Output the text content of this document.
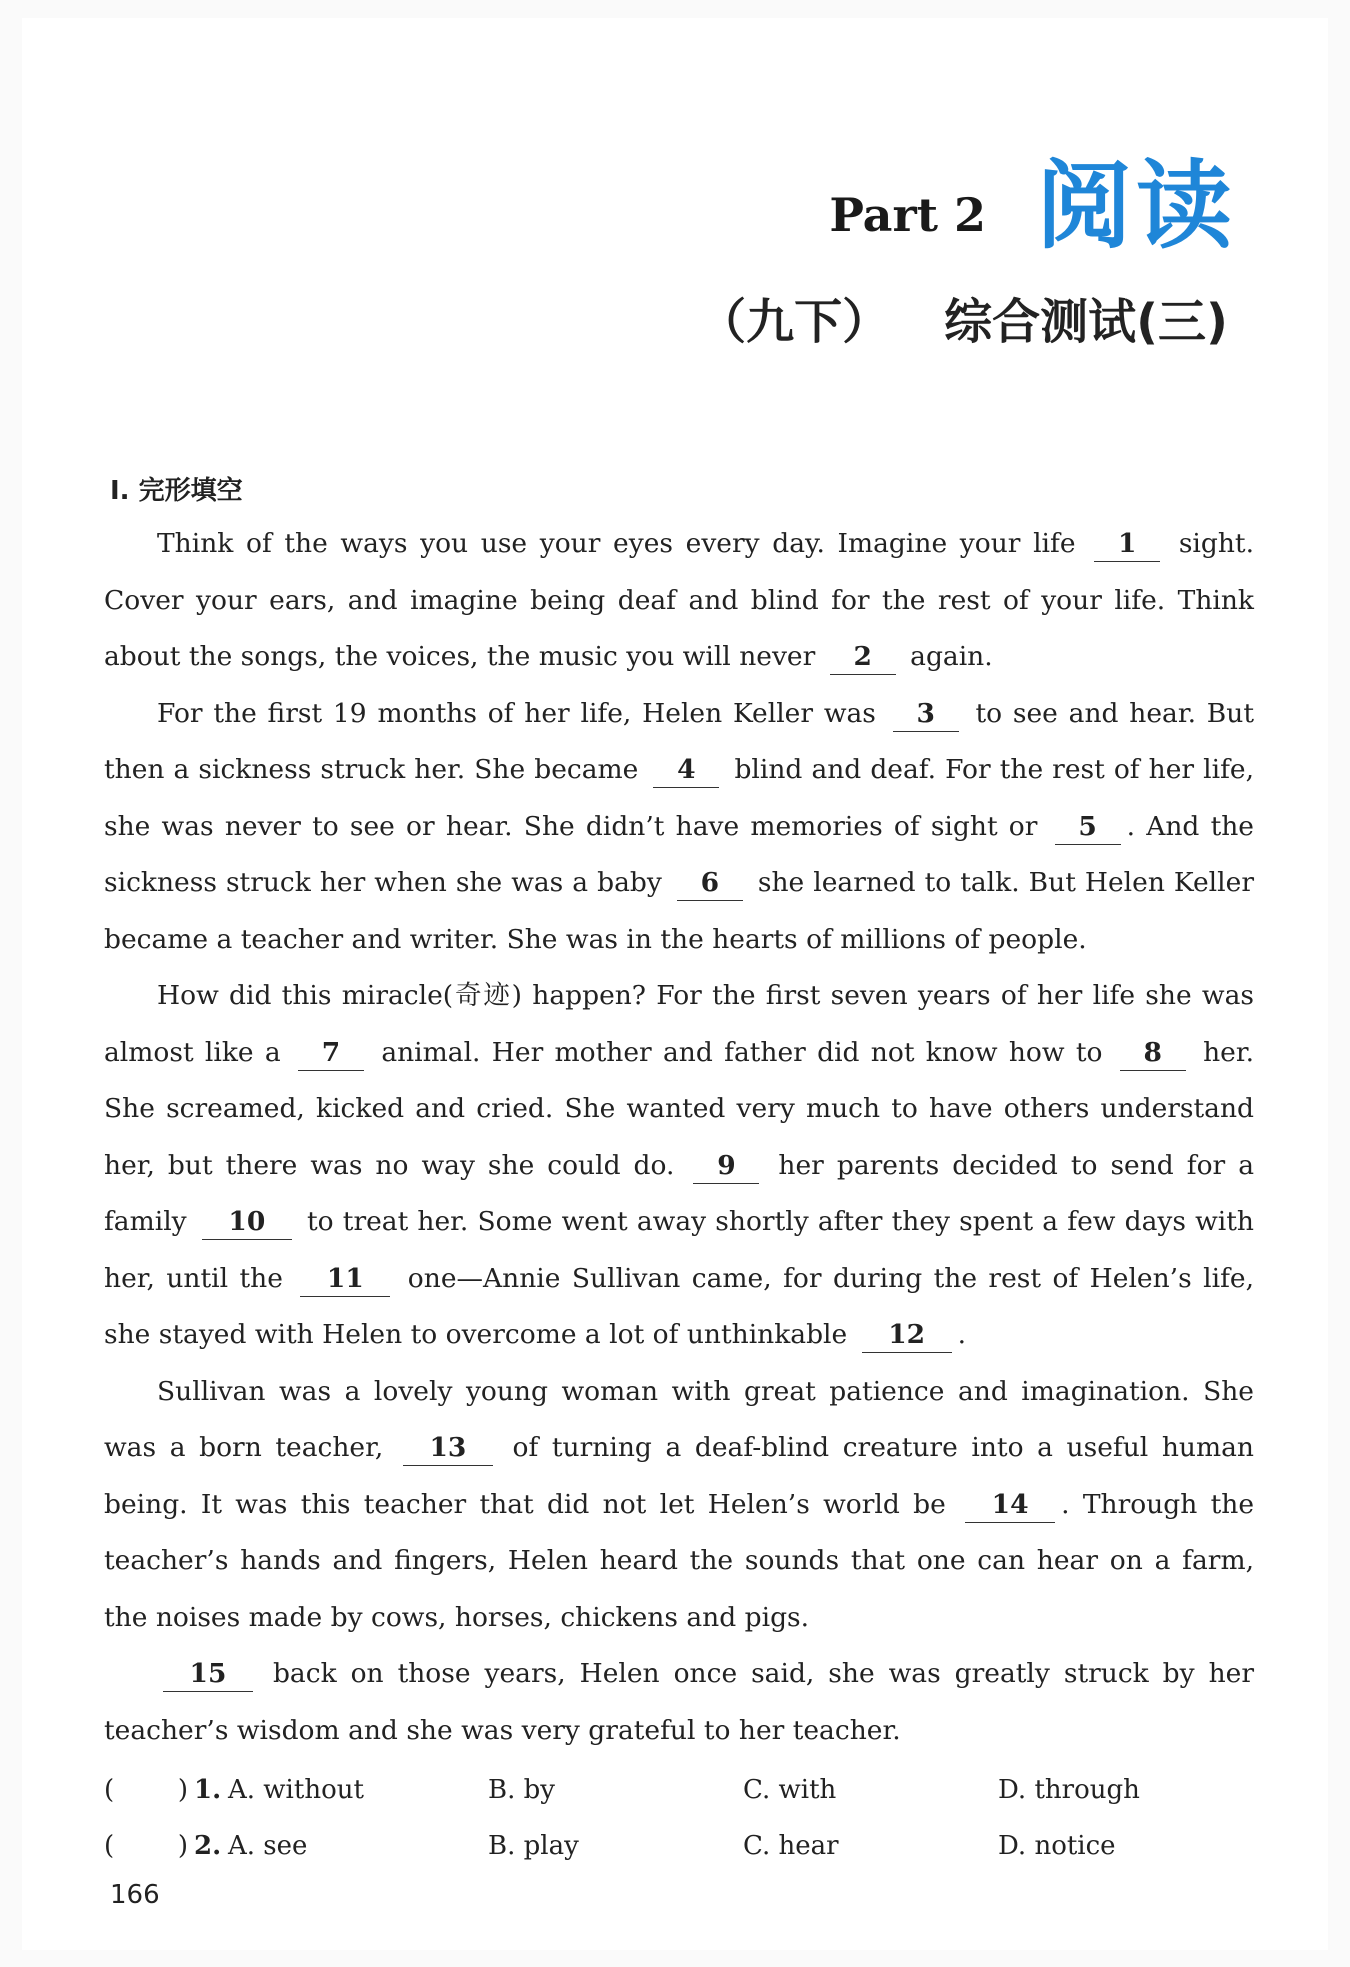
Part 2 阅读
（九下） 综合测试(三)
Ⅰ. 完形填空

Think of the ways you use your eyes every day. Imagine your life 1 sight. Cover your ears, and imagine being deaf and blind for the rest of your life. Think about the songs, the voices, the music you will never 2 again.

For the first 19 months of her life, Helen Keller was 3 to see and hear. But then a sickness struck her. She became 4 blind and deaf. For the rest of her life, she was never to see or hear. She didn’t have memories of sight or 5 . And the sickness struck her when she was a baby 6 she learned to talk. But Helen Keller became a teacher and writer. She was in the hearts of millions of people.

How did this miracle(奇迹) happen? For the first seven years of her life she was almost like a 7 animal. Her mother and father did not know how to 8 her. She screamed, kicked and cried. She wanted very much to have others understand her, but there was no way she could do. 9 her parents decided to send for a family 10 to treat her. Some went away shortly after they spent a few days with her, until the 11 one—Annie Sullivan came, for during the rest of Helen’s life, she stayed with Helen to overcome a lot of unthinkable 12 .

Sullivan was a lovely young woman with great patience and imagination. She was a born teacher, 13 of turning a deaf-blind creature into a useful human being. It was this teacher that did not let Helen’s world be 14 . Through the teacher’s hands and fingers, Helen heard the sounds that one can hear on a farm, the noises made by cows, horses, chickens and pigs.

15 back on those years, Helen once said, she was greatly struck by her teacher’s wisdom and she was very grateful to her teacher.

( ) 1. A. without	B. by	C. with	D. through
( ) 2. A. see	B. play	C. hear	D. notice
166
